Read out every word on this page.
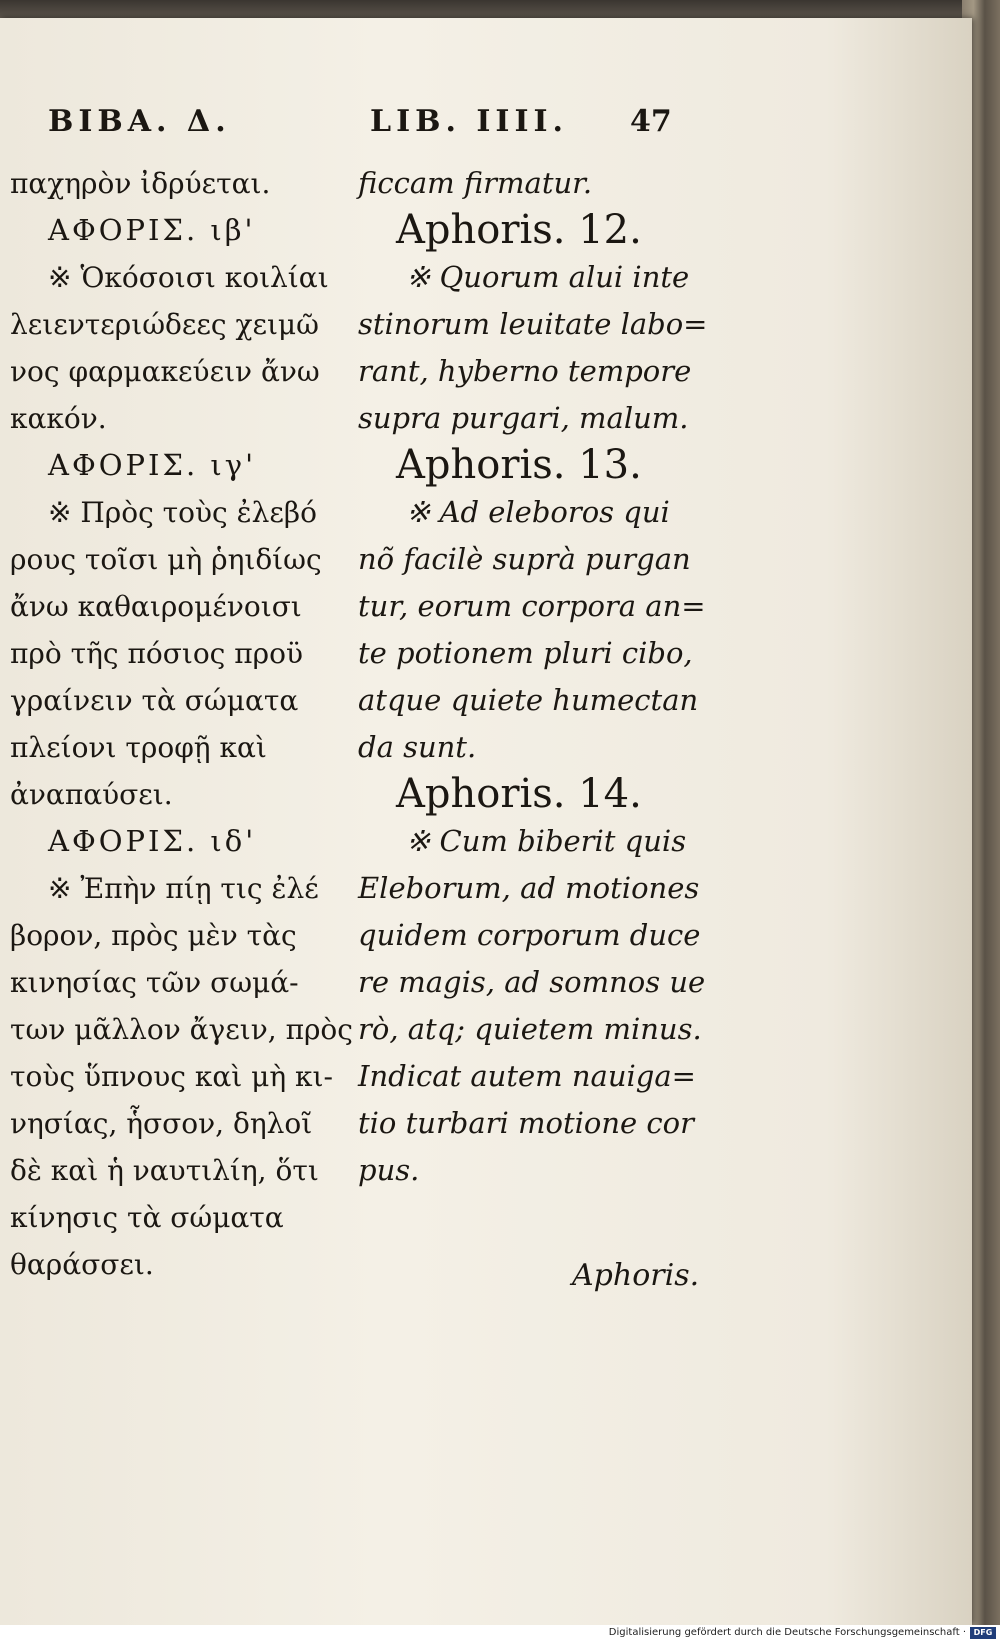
BIBA. Δ.	LIB. IIII. 47
παχηρὸν ἰδρύεται.
ΑΦΟΡΙΣ. ιβ'
※ Ὁκόσοισι κοιλίαι
λειεντεριώδεες χειμῶ
νος φαρμακεύειν ἄνω
κακόν.
ΑΦΟΡΙΣ. ιγ'
※ Πρὸς τοὺς ἐλεβό
ρους τοῖσι μὴ ῥηιδίως
ἄνω καθαιρομένοισι
πρὸ τῆς πόσιος προϋ
γραίνειν τὰ σώματα
πλείονι τροφῇ καὶ
ἀναπαύσει.
ΑΦΟΡΙΣ. ιδ'
※ Ἐπὴν πίῃ τις ἐλέ
βορον, πρὸς μὲν τὰς
κινησίας τῶν σωμά-
των μᾶλλον ἄγειν, πρὸς
τοὺς ὕπνους καὶ μὴ κι-
νησίας, ἧσσον, δηλοῖ
δὲ καὶ ἡ ναυτιλίη, ὅτι
κίνησις τὰ σώματα
θαράσσει.
ficcam firmatur.
Aphoris. 12.
※ Quorum alui inte
stinorum leuitate labo=
rant, hyberno tempore
supra purgari, malum.
Aphoris. 13.
※ Ad eleboros qui
nõ facilè suprà purgan
tur, eorum corpora an=
te potionem pluri cibo,
atque quiete humectan
da sunt.
Aphoris. 14.
※ Cum biberit quis
Eleborum, ad motiones
quidem corporum duce
re magis, ad somnos ue
rò, atq; quietem minus.
Indicat autem nauiga=
tio turbari motione cor
pus.
Aphoris.
Digitalisierung gefördert durch die Deutsche Forschungsgemeinschaft · DFG
